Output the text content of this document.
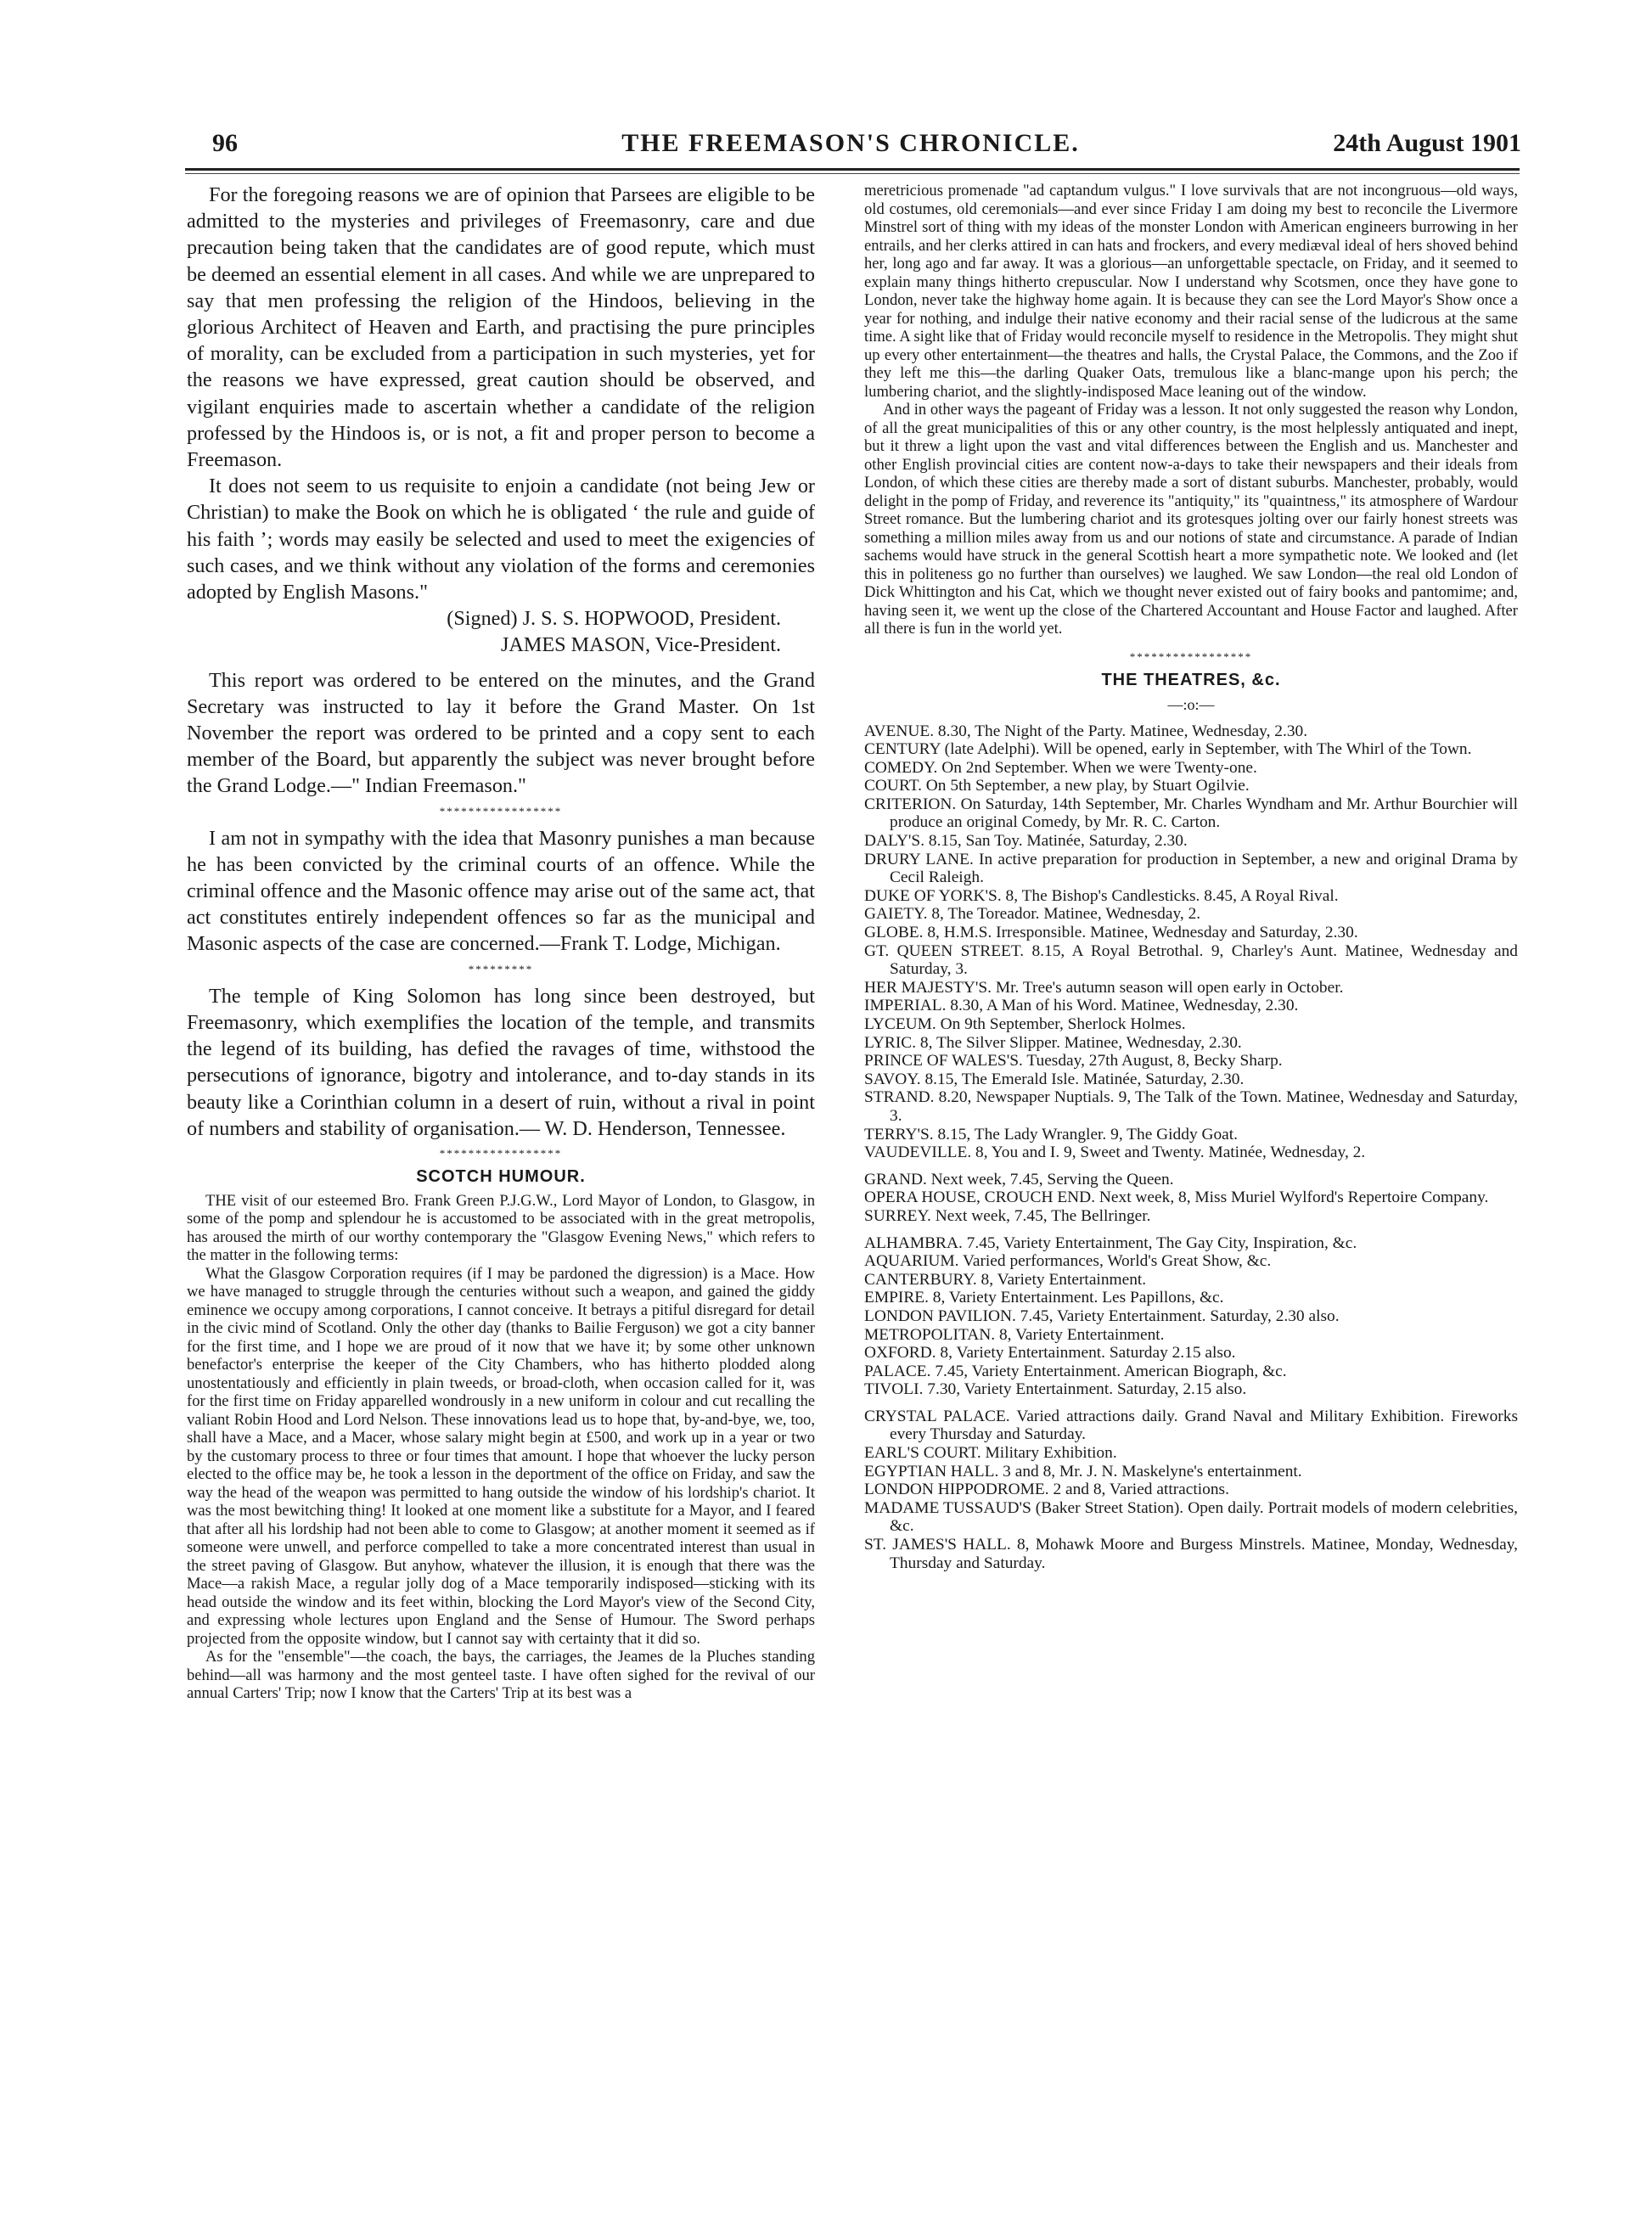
96	THE FREEMASON'S CHRONICLE.	24th August 1901

For the foregoing reasons we are of opinion that Parsees are eligible to be admitted to the mysteries and privileges of Freemasonry, care and due precaution being taken that the candidates are of good repute, which must be deemed an essential element in all cases. And while we are unprepared to say that men professing the religion of the Hindoos, believing in the glorious Architect of Heaven and Earth, and practising the pure principles of morality, can be excluded from a participation in such mysteries, yet for the reasons we have expressed, great caution should be observed, and vigilant enquiries made to ascertain whether a candidate of the religion professed by the Hindoos is, or is not, a fit and proper person to become a Freemason.

It does not seem to us requisite to enjoin a candidate (not being Jew or Christian) to make the Book on which he is obligated ‘ the rule and guide of his faith ’; words may easily be selected and used to meet the exigencies of such cases, and we think without any violation of the forms and ceremonies adopted by English Masons."

(Signed) J. S. S. HOPWOOD, President.

JAMES MASON, Vice-President.

This report was ordered to be entered on the minutes, and the Grand Secretary was instructed to lay it before the Grand Master. On 1st November the report was ordered to be printed and a copy sent to each member of the Board, but apparently the subject was never brought before the Grand Lodge.—" Indian Freemason."

*****************

I am not in sympathy with the idea that Masonry punishes a man because he has been convicted by the criminal courts of an offence. While the criminal offence and the Masonic offence may arise out of the same act, that act constitutes entirely independent offences so far as the municipal and Masonic aspects of the case are concerned.—Frank T. Lodge, Michigan.

*********

The temple of King Solomon has long since been destroyed, but Freemasonry, which exemplifies the location of the temple, and transmits the legend of its building, has defied the ravages of time, withstood the persecutions of ignorance, bigotry and intolerance, and to-day stands in its beauty like a Corinthian column in a desert of ruin, without a rival in point of numbers and stability of organisation.— W. D. Henderson, Tennessee.

*****************
SCOTCH HUMOUR.

THE visit of our esteemed Bro. Frank Green P.J.G.W., Lord Mayor of London, to Glasgow, in some of the pomp and splendour he is accustomed to be associated with in the great metropolis, has aroused the mirth of our worthy contemporary the "Glasgow Evening News," which refers to the matter in the following terms:

What the Glasgow Corporation requires (if I may be pardoned the digression) is a Mace. How we have managed to struggle through the centuries without such a weapon, and gained the giddy eminence we occupy among corporations, I cannot conceive. It betrays a pitiful disregard for detail in the civic mind of Scotland. Only the other day (thanks to Bailie Ferguson) we got a city banner for the first time, and I hope we are proud of it now that we have it; by some other unknown benefactor's enterprise the keeper of the City Chambers, who has hitherto plodded along unostentatiously and efficiently in plain tweeds, or broad-cloth, when occasion called for it, was for the first time on Friday apparelled wondrously in a new uniform in colour and cut recalling the valiant Robin Hood and Lord Nelson. These innovations lead us to hope that, by-and-bye, we, too, shall have a Mace, and a Macer, whose salary might begin at £500, and work up in a year or two by the customary process to three or four times that amount. I hope that whoever the lucky person elected to the office may be, he took a lesson in the deportment of the office on Friday, and saw the way the head of the weapon was permitted to hang outside the window of his lordship's chariot. It was the most bewitching thing! It looked at one moment like a substitute for a Mayor, and I feared that after all his lordship had not been able to come to Glasgow; at another moment it seemed as if someone were unwell, and perforce compelled to take a more concentrated interest than usual in the street paving of Glasgow. But anyhow, whatever the illusion, it is enough that there was the Mace—a rakish Mace, a regular jolly dog of a Mace temporarily indisposed—sticking with its head outside the window and its feet within, blocking the Lord Mayor's view of the Second City, and expressing whole lectures upon England and the Sense of Humour. The Sword perhaps projected from the opposite window, but I cannot say with certainty that it did so.

As for the "ensemble"—the coach, the bays, the carriages, the Jeames de la Pluches standing behind—all was harmony and the most genteel taste. I have often sighed for the revival of our annual Carters' Trip; now I know that the Carters' Trip at its best was a

meretricious promenade "ad captandum vulgus." I love survivals that are not incongruous—old ways, old costumes, old ceremonials—and ever since Friday I am doing my best to reconcile the Livermore Minstrel sort of thing with my ideas of the monster London with American engineers burrowing in her entrails, and her clerks attired in can hats and frockers, and every mediæval ideal of hers shoved behind her, long ago and far away. It was a glorious—an unforgettable spectacle, on Friday, and it seemed to explain many things hitherto crepuscular. Now I understand why Scotsmen, once they have gone to London, never take the highway home again. It is because they can see the Lord Mayor's Show once a year for nothing, and indulge their native economy and their racial sense of the ludicrous at the same time. A sight like that of Friday would reconcile myself to residence in the Metropolis. They might shut up every other entertainment—the theatres and halls, the Crystal Palace, the Commons, and the Zoo if they left me this—the darling Quaker Oats, tremulous like a blanc-mange upon his perch; the lumbering chariot, and the slightly-indisposed Mace leaning out of the window.

And in other ways the pageant of Friday was a lesson. It not only suggested the reason why London, of all the great municipalities of this or any other country, is the most helplessly antiquated and inept, but it threw a light upon the vast and vital differences between the English and us. Manchester and other English provincial cities are content now-a-days to take their newspapers and their ideals from London, of which these cities are thereby made a sort of distant suburbs. Manchester, probably, would delight in the pomp of Friday, and reverence its "antiquity," its "quaintness," its atmosphere of Wardour Street romance. But the lumbering chariot and its grotesques jolting over our fairly honest streets was something a million miles away from us and our notions of state and circumstance. A parade of Indian sachems would have struck in the general Scottish heart a more sympathetic note. We looked and (let this in politeness go no further than ourselves) we laughed. We saw London—the real old London of Dick Whittington and his Cat, which we thought never existed out of fairy books and pantomime; and, having seen it, we went up the close of the Chartered Accountant and House Factor and laughed. After all there is fun in the world yet.

*****************
THE THEATRES, &c.
—:o:—

AVENUE. 8.30, The Night of the Party. Matinee, Wednesday, 2.30.

CENTURY (late Adelphi). Will be opened, early in September, with The Whirl of the Town.

COMEDY. On 2nd September. When we were Twenty-one.

COURT. On 5th September, a new play, by Stuart Ogilvie.

CRITERION. On Saturday, 14th September, Mr. Charles Wyndham and Mr. Arthur Bourchier will produce an original Comedy, by Mr. R. C. Carton.

DALY'S. 8.15, San Toy. Matinée, Saturday, 2.30.

DRURY LANE. In active preparation for production in September, a new and original Drama by Cecil Raleigh.

DUKE OF YORK'S. 8, The Bishop's Candlesticks. 8.45, A Royal Rival.

GAIETY. 8, The Toreador. Matinee, Wednesday, 2.

GLOBE. 8, H.M.S. Irresponsible. Matinee, Wednesday and Saturday, 2.30.

GT. QUEEN STREET. 8.15, A Royal Betrothal. 9, Charley's Aunt. Matinee, Wednesday and Saturday, 3.

HER MAJESTY'S. Mr. Tree's autumn season will open early in October.

IMPERIAL. 8.30, A Man of his Word. Matinee, Wednesday, 2.30.

LYCEUM. On 9th September, Sherlock Holmes.

LYRIC. 8, The Silver Slipper. Matinee, Wednesday, 2.30.

PRINCE OF WALES'S. Tuesday, 27th August, 8, Becky Sharp.

SAVOY. 8.15, The Emerald Isle. Matinée, Saturday, 2.30.

STRAND. 8.20, Newspaper Nuptials. 9, The Talk of the Town. Matinee, Wednesday and Saturday, 3.

TERRY'S. 8.15, The Lady Wrangler. 9, The Giddy Goat.

VAUDEVILLE. 8, You and I. 9, Sweet and Twenty. Matinée, Wednesday, 2.

GRAND. Next week, 7.45, Serving the Queen.

OPERA HOUSE, CROUCH END. Next week, 8, Miss Muriel Wylford's Repertoire Company.

SURREY. Next week, 7.45, The Bellringer.

ALHAMBRA. 7.45, Variety Entertainment, The Gay City, Inspiration, &c.

AQUARIUM. Varied performances, World's Great Show, &c.

CANTERBURY. 8, Variety Entertainment.

EMPIRE. 8, Variety Entertainment. Les Papillons, &c.

LONDON PAVILION. 7.45, Variety Entertainment. Saturday, 2.30 also.

METROPOLITAN. 8, Variety Entertainment.

OXFORD. 8, Variety Entertainment. Saturday 2.15 also.

PALACE. 7.45, Variety Entertainment. American Biograph, &c.

TIVOLI. 7.30, Variety Entertainment. Saturday, 2.15 also.

CRYSTAL PALACE. Varied attractions daily. Grand Naval and Military Exhibition. Fireworks every Thursday and Saturday.

EARL'S COURT. Military Exhibition.

EGYPTIAN HALL. 3 and 8, Mr. J. N. Maskelyne's entertainment.

LONDON HIPPODROME. 2 and 8, Varied attractions.

MADAME TUSSAUD'S (Baker Street Station). Open daily. Portrait models of modern celebrities, &c.

ST. JAMES'S HALL. 8, Mohawk Moore and Burgess Minstrels. Matinee, Monday, Wednesday, Thursday and Saturday.
